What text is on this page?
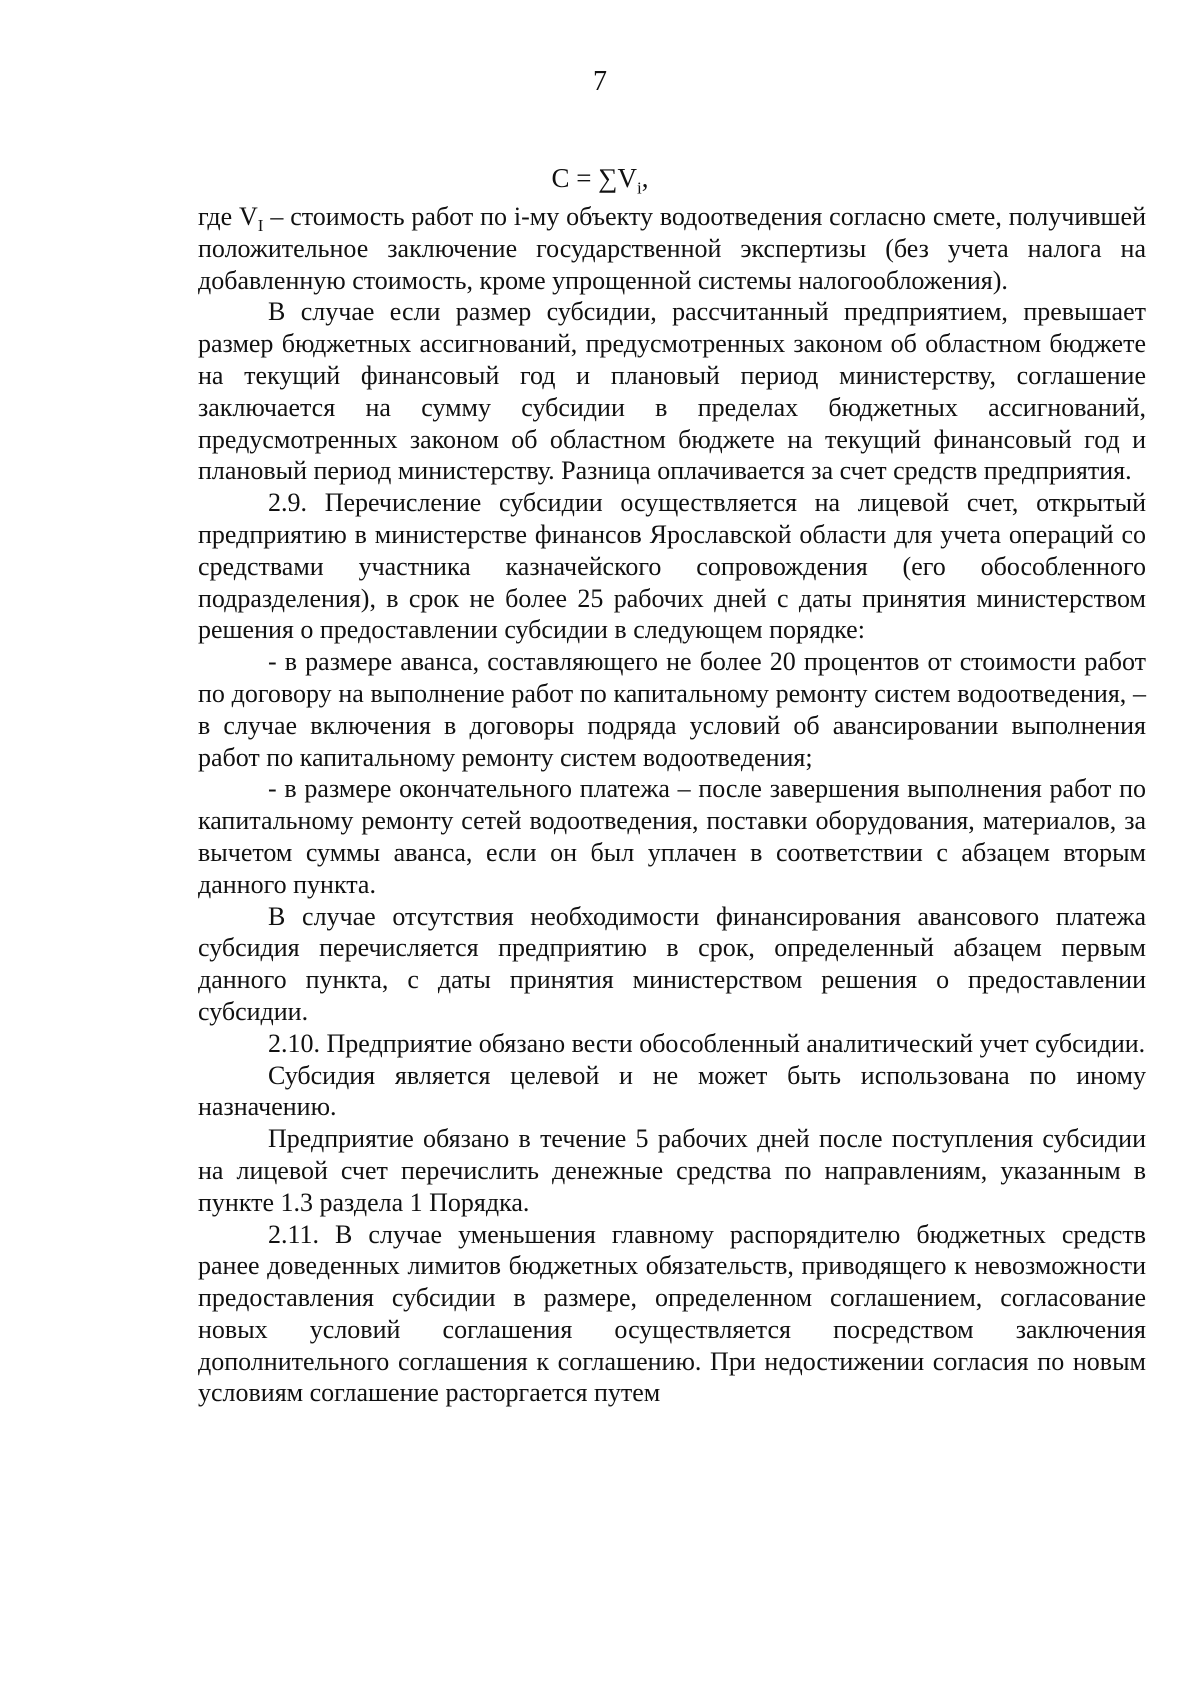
7
$C = \sum V_i$,

где $V_I$ – стоимость работ по i-му объекту водоотведения согласно смете, получившей положительное заключение государственной экспертизы (без учета налога на добавленную стоимость, кроме упрощенной системы налогообложения).

В случае если размер субсидии, рассчитанный предприятием, превышает размер бюджетных ассигнований, предусмотренных законом об областном бюджете на текущий финансовый год и плановый период министерству, соглашение заключается на сумму субсидии в пределах бюджетных ассигнований, предусмотренных законом об областном бюджете на текущий финансовый год и плановый период министерству. Разница оплачивается за счет средств предприятия.

2.9. Перечисление субсидии осуществляется на лицевой счет, открытый предприятию в министерстве финансов Ярославской области для учета операций со средствами участника казначейского сопровождения (его обособленного подразделения), в срок не более 25 рабочих дней с даты принятия министерством решения о предоставлении субсидии в следующем порядке:

- в размере аванса, составляющего не более 20 процентов от стоимости работ по договору на выполнение работ по капитальному ремонту систем водоотведения, – в случае включения в договоры подряда условий об авансировании выполнения работ по капитальному ремонту систем водоотведения;

- в размере окончательного платежа – после завершения выполнения работ по капитальному ремонту сетей водоотведения, поставки оборудования, материалов, за вычетом суммы аванса, если он был уплачен в соответствии с абзацем вторым данного пункта.

В случае отсутствия необходимости финансирования авансового платежа субсидия перечисляется предприятию в срок, определенный абзацем первым данного пункта, с даты принятия министерством решения о предоставлении субсидии.

2.10. Предприятие обязано вести обособленный аналитический учет субсидии.

Субсидия является целевой и не может быть использована по иному назначению.

Предприятие обязано в течение 5 рабочих дней после поступления субсидии на лицевой счет перечислить денежные средства по направлениям, указанным в пункте 1.3 раздела 1 Порядка.

2.11. В случае уменьшения главному распорядителю бюджетных средств ранее доведенных лимитов бюджетных обязательств, приводящего к невозможности предоставления субсидии в размере, определенном соглашением, согласование новых условий соглашения осуществляется посредством заключения дополнительного соглашения к соглашению. При недостижении согласия по новым условиям соглашение расторгается путем
